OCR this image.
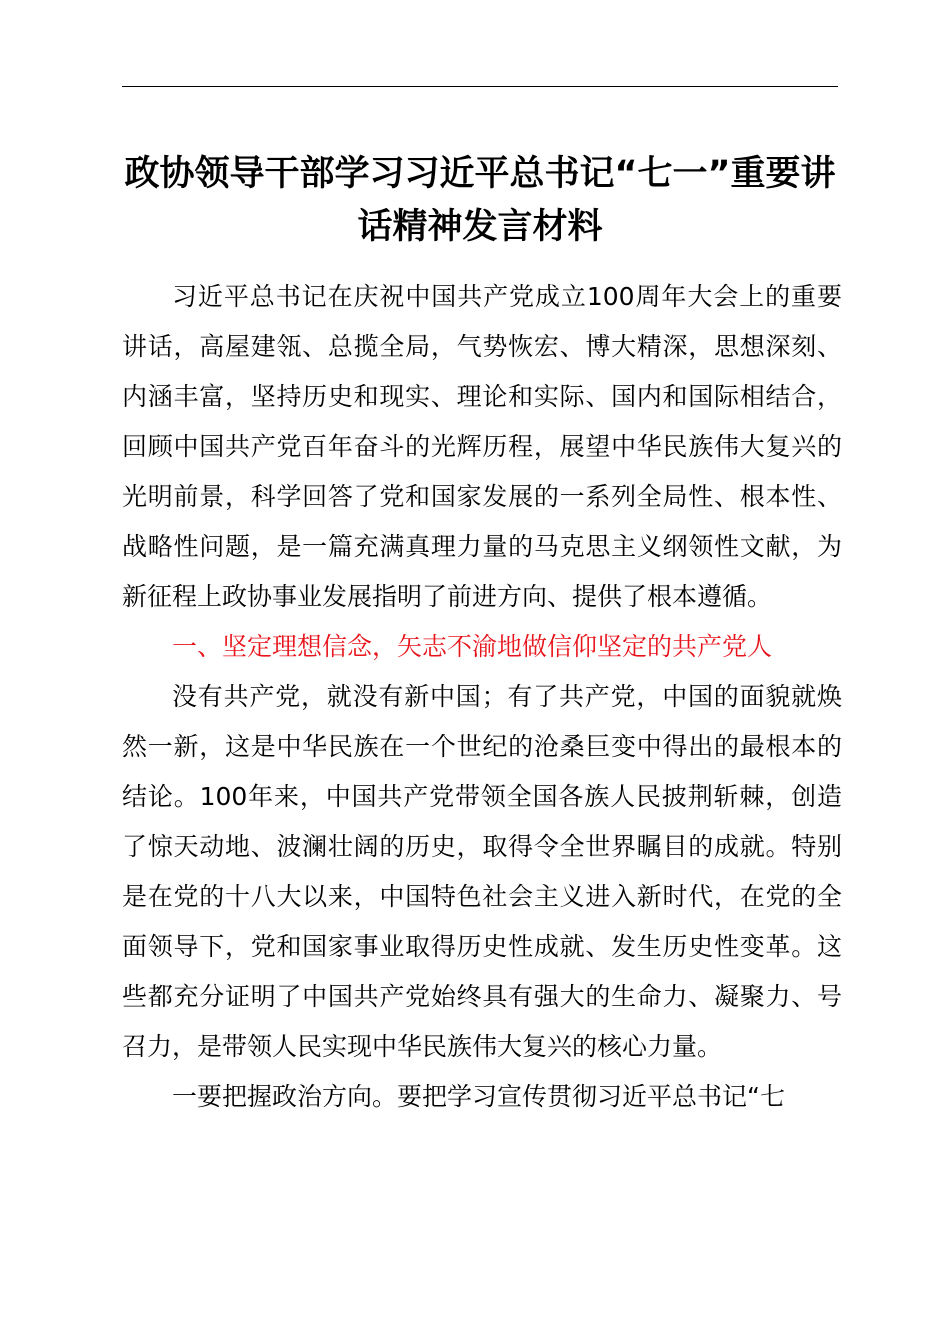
政协领导干部学习习近平总书记“七一”重要讲话精神发言材料

习近平总书记在庆祝中国共产党成立100周年大会上的重要讲话，高屋建瓴、总揽全局，气势恢宏、博大精深，思想深刻、内涵丰富，坚持历史和现实、理论和实际、国内和国际相结合，回顾中国共产党百年奋斗的光辉历程，展望中华民族伟大复兴的光明前景，科学回答了党和国家发展的一系列全局性、根本性、战略性问题，是一篇充满真理力量的马克思主义纲领性文献，为新征程上政协事业发展指明了前进方向、提供了根本遵循。

一、坚定理想信念，矢志不渝地做信仰坚定的共产党人

没有共产党，就没有新中国；有了共产党，中国的面貌就焕然一新，这是中华民族在一个世纪的沧桑巨变中得出的最根本的结论。100年来，中国共产党带领全国各族人民披荆斩棘，创造了惊天动地、波澜壮阔的历史，取得令全世界瞩目的成就。特别是在党的十八大以来，中国特色社会主义进入新时代，在党的全面领导下，党和国家事业取得历史性成就、发生历史性变革。这些都充分证明了中国共产党始终具有强大的生命力、凝聚力、号召力，是带领人民实现中华民族伟大复兴的核心力量。

一要把握政治方向。要把学习宣传贯彻习近平总书记“七
